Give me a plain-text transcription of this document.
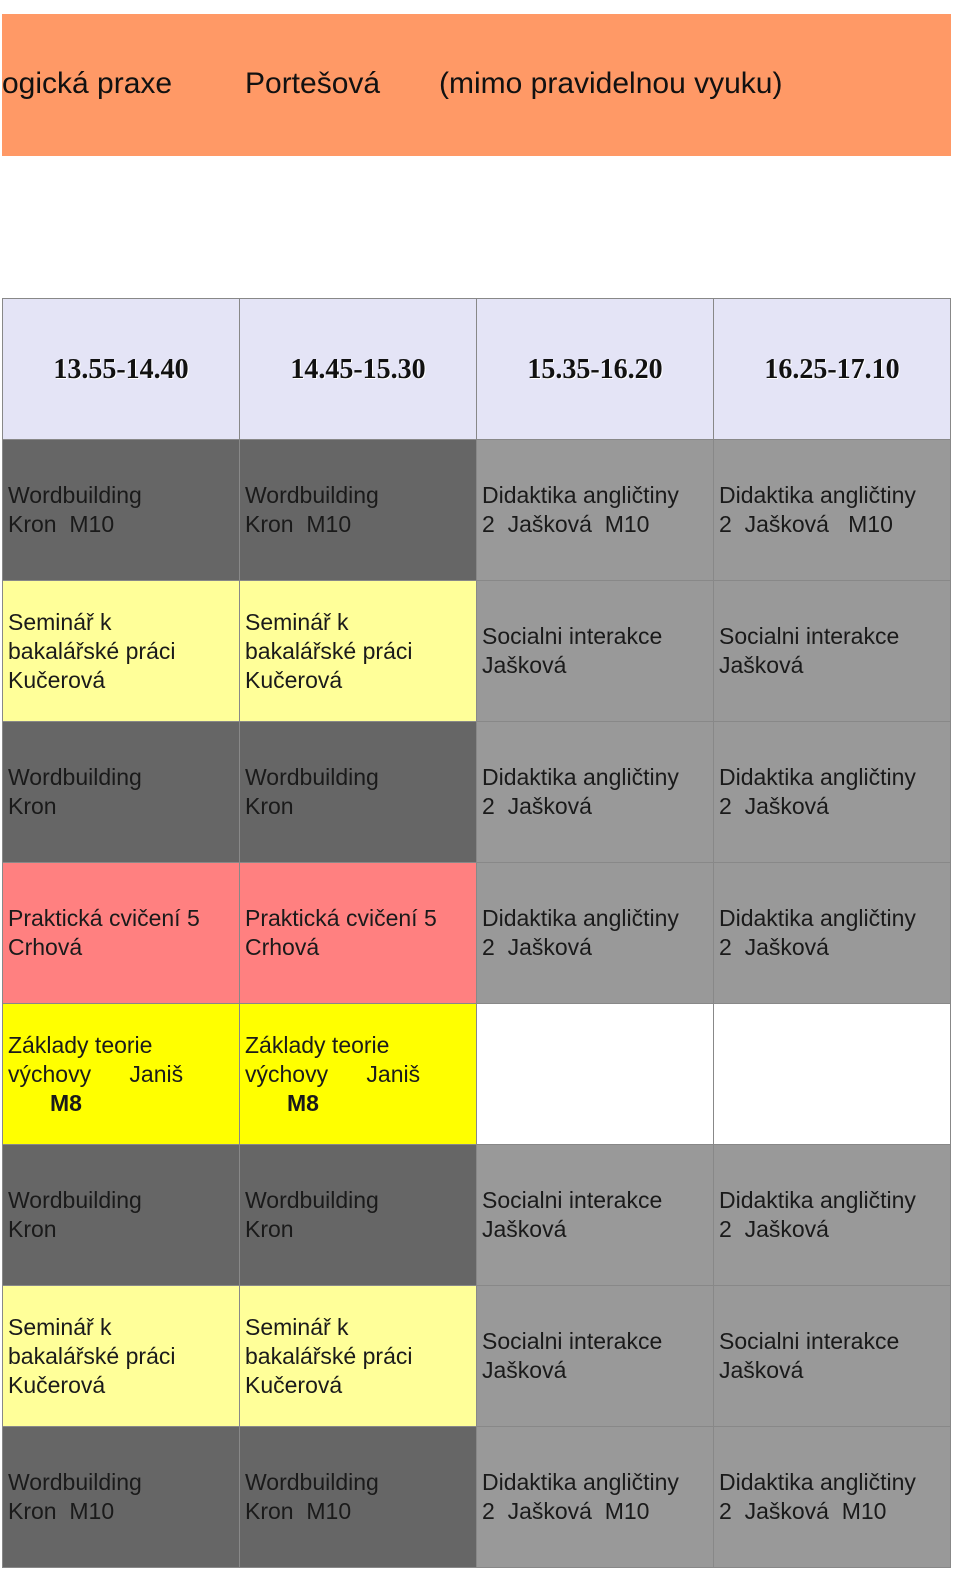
ogická praxe Portešová (mimo pravidelnou vyuku)
13.55-14.40	14.45-15.30	15.35-16.20	16.25-17.10

Wordbuilding
Kron  M10	Wordbuilding
Kron  M10	Didaktika angličtiny
2  Jašková  M10	Didaktika angličtiny
2  Jašková   M10

Seminář k
bakalářské práci
Kučerová	Seminář k
bakalářské práci
Kučerová	Socialni interakce
Jašková	Socialni interakce
Jašková

Wordbuilding
Kron	Wordbuilding
Kron	Didaktika angličtiny
2  Jašková	Didaktika angličtiny
2  Jašková

Praktická cvičení 5
Crhová	Praktická cvičení 5
Crhová	Didaktika angličtiny
2  Jašková	Didaktika angličtiny
2  Jašková

Základy teorie
výchovy      Janiš
M8	Základy teorie
výchovy      Janiš
M8		

Wordbuilding
Kron	Wordbuilding
Kron	Socialni interakce
Jašková	Didaktika angličtiny
2  Jašková

Seminář k
bakalářské práci
Kučerová	Seminář k
bakalářské práci
Kučerová	Socialni interakce
Jašková	Socialni interakce
Jašková

Wordbuilding
Kron  M10	Wordbuilding
Kron  M10	Didaktika angličtiny
2  Jašková  M10	Didaktika angličtiny
2  Jašková  M10
